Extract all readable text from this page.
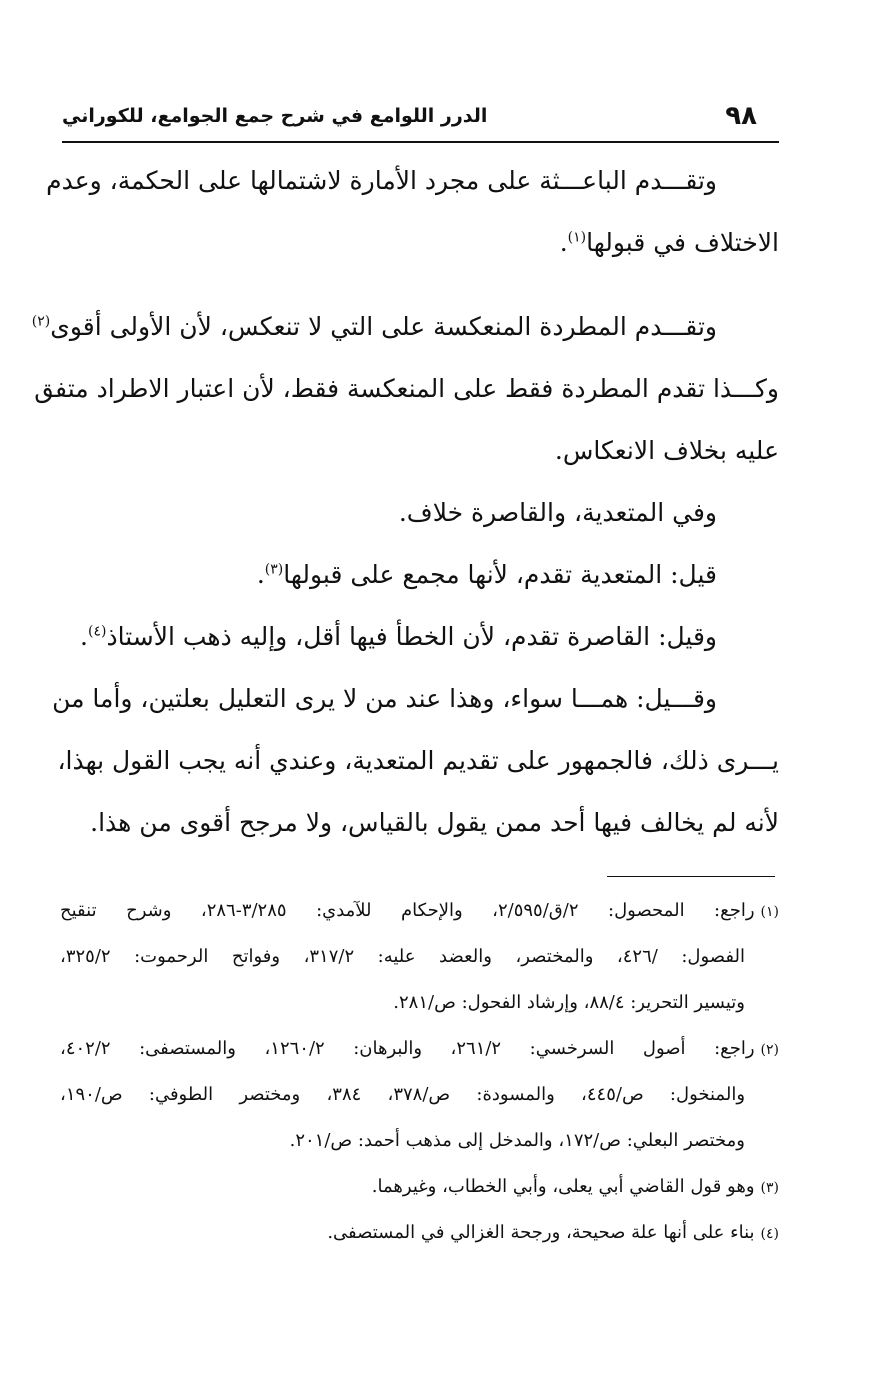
٩٨
الدرر اللوامع في شرح جمع الجوامع، للكوراني
وتقـــدم الباعـــثة على مجرد الأمارة لاشتمالها على الحكمة، وعدم
الاختلاف في قبولها$^{(١)}$.
وتقـــدم المطردة المنعكسة على التي لا تنعكس، لأن الأولى أقوى$^{(٢)}$
وكـــذا تقدم المطردة فقط على المنعكسة فقط، لأن اعتبار الاطراد متفق
عليه بخلاف الانعكاس.
وفي المتعدية، والقاصرة خلاف.
قيل: المتعدية تقدم، لأنها مجمع على قبولها$^{(٣)}$.
وقيل: القاصرة تقدم، لأن الخطأ فيها أقل، وإليه ذهب الأستاذ$^{(٤)}$.
وقـــيل: همـــا سواء، وهذا عند من لا يرى التعليل بعلتين، وأما من
يـــرى ذلك، فالجمهور على تقديم المتعدية، وعندي أنه يجب القول بهذا،
لأنه لم يخالف فيها أحد ممن يقول بالقياس، ولا مرجح أقوى من هذا.
(١)راجع: المحصول: ٢/ق/٢/٥٩٥، والإحكام للآمدي: ٣/٢٨٥-٢٨٦، وشرح تنقيح
الفصول: /٤٢٦، والمختصر، والعضد عليه: ٣١٧/٢، وفواتح الرحموت: ٣٢٥/٢،
وتيسير التحرير: ٨٨/٤، وإرشاد الفحول: ص/٢٨١.
(٢)راجع: أصول السرخسي: ٢٦١/٢، والبرهان: ١٢٦٠/٢، والمستصفى: ٤٠٢/٢،
والمنخول: ص/٤٤٥، والمسودة: ص/٣٧٨، ٣٨٤، ومختصر الطوفي: ص/١٩٠،
ومختصر البعلي: ص/١٧٢، والمدخل إلى مذهب أحمد: ص/٢٠١.
(٣)وهو قول القاضي أبي يعلى، وأبي الخطاب، وغيرهما.
(٤)بناء على أنها علة صحيحة، ورجحة الغزالي في المستصفى.
